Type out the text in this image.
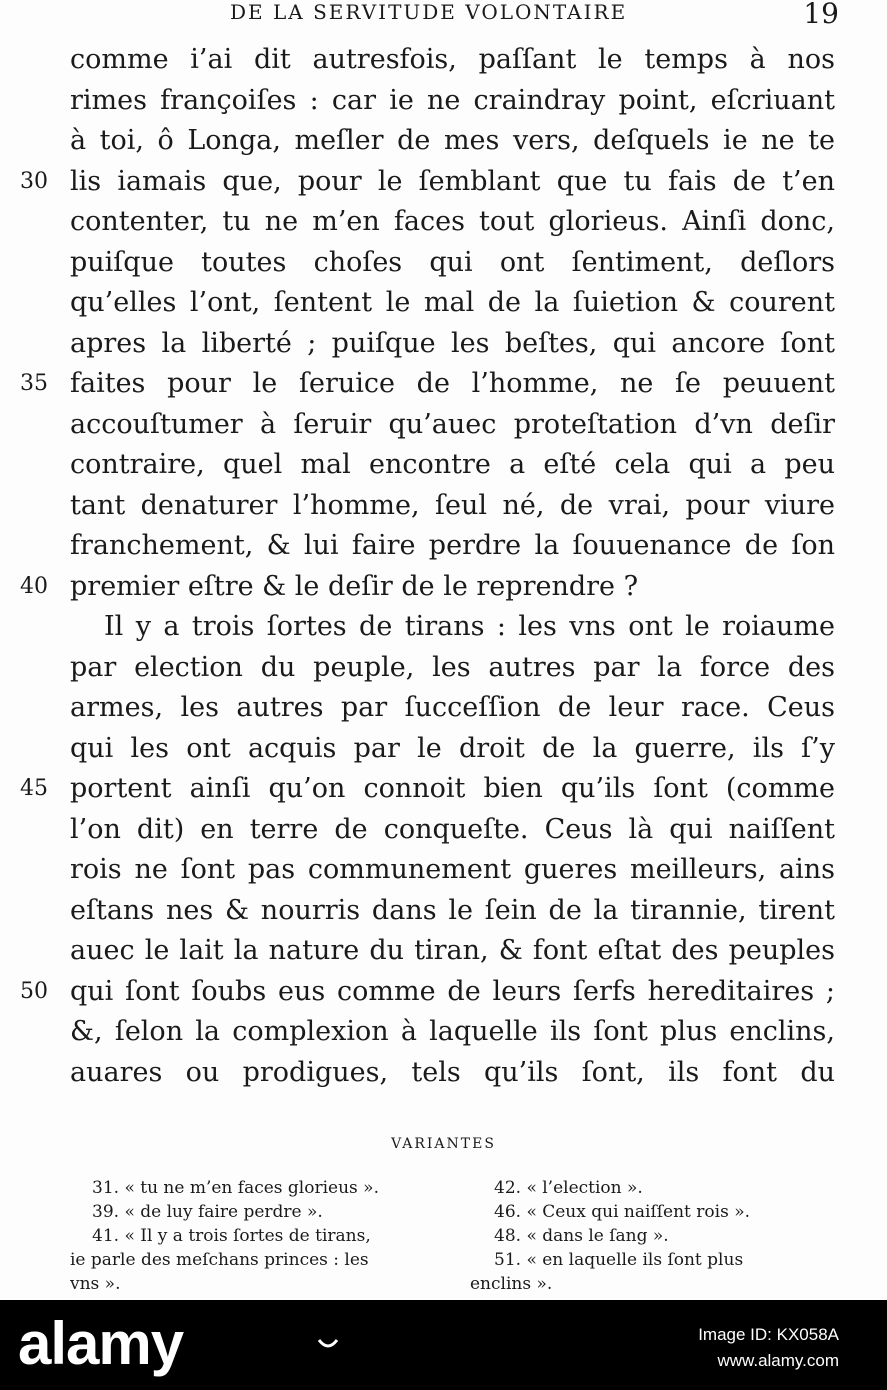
DE LA SERVITUDE VOLONTAIRE	19
comme i’ai dit autresfois, paſſant le temps à nos
rimes françoiſes : car ie ne craindray point, eſcriuant
à toi, ô Longa, meſler de mes vers, deſquels ie ne te
lis iamais que, pour le ſemblant que tu fais de t’en
contenter, tu ne m’en faces tout glorieus. Ainſi donc,
puiſque toutes choſes qui ont ſentiment, deſlors
qu’elles l’ont, ſentent le mal de la ſuietion & courent
apres la liberté ; puiſque les beſtes, qui ancore ſont
faites pour le ſeruice de l’homme, ne ſe peuuent
accouſtumer à ſeruir qu’auec proteſtation d’vn deſir
contraire, quel mal encontre a eſté cela qui a peu
tant denaturer l’homme, ſeul né, de vrai, pour viure
franchement, & lui faire perdre la ſouuenance de ſon
premier eſtre & le deſir de le reprendre ?
Il y a trois ſortes de tirans : les vns ont le roiaume
par election du peuple, les autres par la force des
armes, les autres par ſucceſſion de leur race. Ceus
qui les ont acquis par le droit de la guerre, ils ſ’y
portent ainſi qu’on connoit bien qu’ils ſont (comme
l’on dit) en terre de conqueſte. Ceus là qui naiſſent
rois ne ſont pas communement gueres meilleurs, ains
eſtans nes & nourris dans le ſein de la tirannie, tirent
auec le lait la nature du tiran, & font eſtat des peuples
qui ſont ſoubs eus comme de leurs ſerfs hereditaires ;
&, ſelon la complexion à laquelle ils ſont plus enclins,
auares ou prodigues, tels qu’ils ſont, ils font du
30
35
40
45
50
VARIANTES
31. « tu ne m’en faces glorieus ».
39. « de luy faire perdre ».
41. « Il y a trois ſortes de tirans,
ie parle des meſchans princes : les
vns ».
42. « l’election ».
46. « Ceux qui naiſſent rois ».
48. « dans le ſang ».
51. « en laquelle ils ſont plus
enclins ».
alamy	Image ID: KX058A
www.alamy.com
